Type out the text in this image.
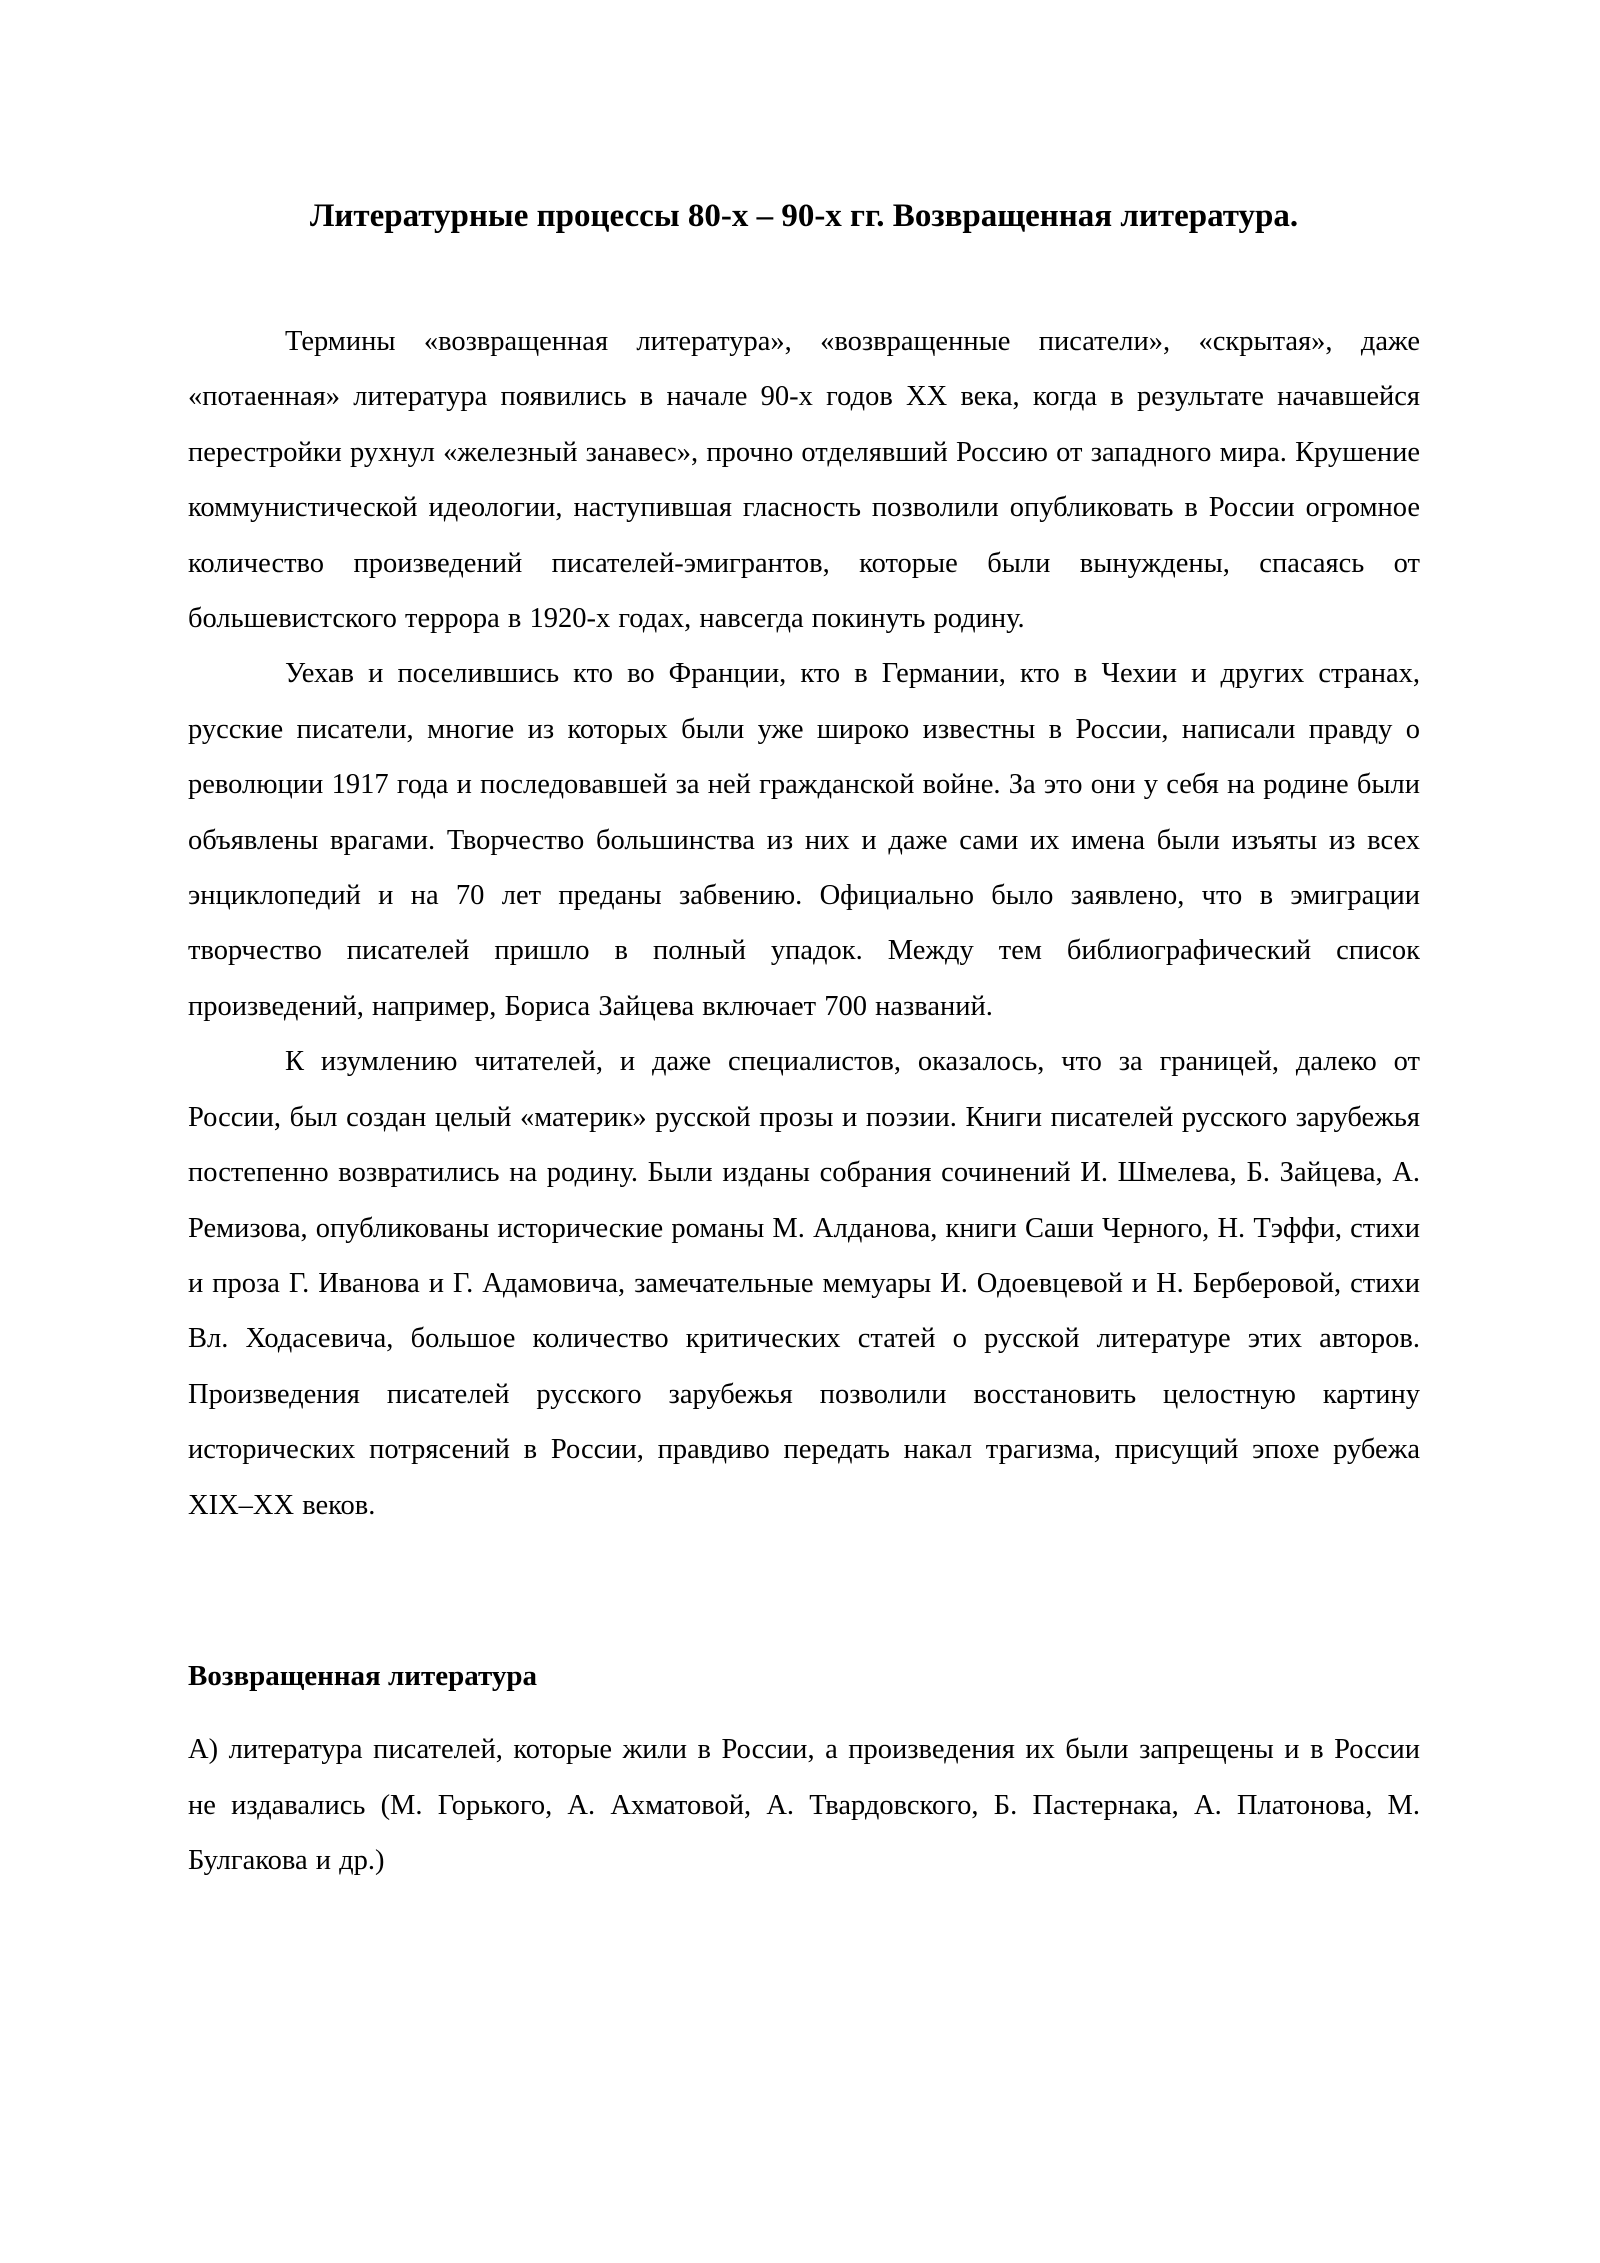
Литературные процессы 80-х – 90-х гг. Возвращенная литература.

Термины «возвращенная литература», «возвращенные писатели», «скрытая», даже «потаенная» литература появились в начале 90-х годов XX века, когда в результате начавшейся перестройки рухнул «железный занавес», прочно отделявший Россию от западного мира. Крушение коммунистической идеологии, наступившая гласность позволили опубликовать в России огромное количество произведений писателей-эмигрантов, которые были вынуждены, спасаясь от большевистского террора в 1920-х годах, навсегда покинуть родину.

Уехав и поселившись кто во Франции, кто в Германии, кто в Чехии и других странах, русские писатели, многие из которых были уже широко известны в России, написали правду о революции 1917 года и последовавшей за ней гражданской войне. За это они у себя на родине были объявлены врагами. Творчество большинства из них и даже сами их имена были изъяты из всех энциклопедий и на 70 лет преданы забвению. Официально было заявлено, что в эмиграции творчество писателей пришло в полный упадок. Между тем библиографический список произведений, например, Бориса Зайцева включает 700 названий.

К изумлению читателей, и даже специалистов, оказалось, что за границей, далеко от России, был создан целый «материк» русской прозы и поэзии. Книги писателей русского зарубежья постепенно возвратились на родину. Были изданы собрания сочинений И. Шмелева, Б. Зайцева, А. Ремизова, опубликованы исторические романы М. Алданова, книги Саши Черного, Н. Тэффи, стихи и проза Г. Иванова и Г. Адамовича, замечательные мемуары И. Одоевцевой и Н. Берберовой, стихи Вл. Ходасевича, большое количество критических статей о русской литературе этих авторов. Произведения писателей русского зарубежья позволили восстановить целостную картину исторических потрясений в России, правдиво передать накал трагизма, присущий эпохе рубежа XIX–XX веков.

Возвращенная литература

А) литература писателей, которые жили в России, а произведения их были запрещены и в России не издавались (М. Горького, А. Ахматовой, А. Твардовского, Б. Пастернака, А. Платонова, М. Булгакова и др.)
